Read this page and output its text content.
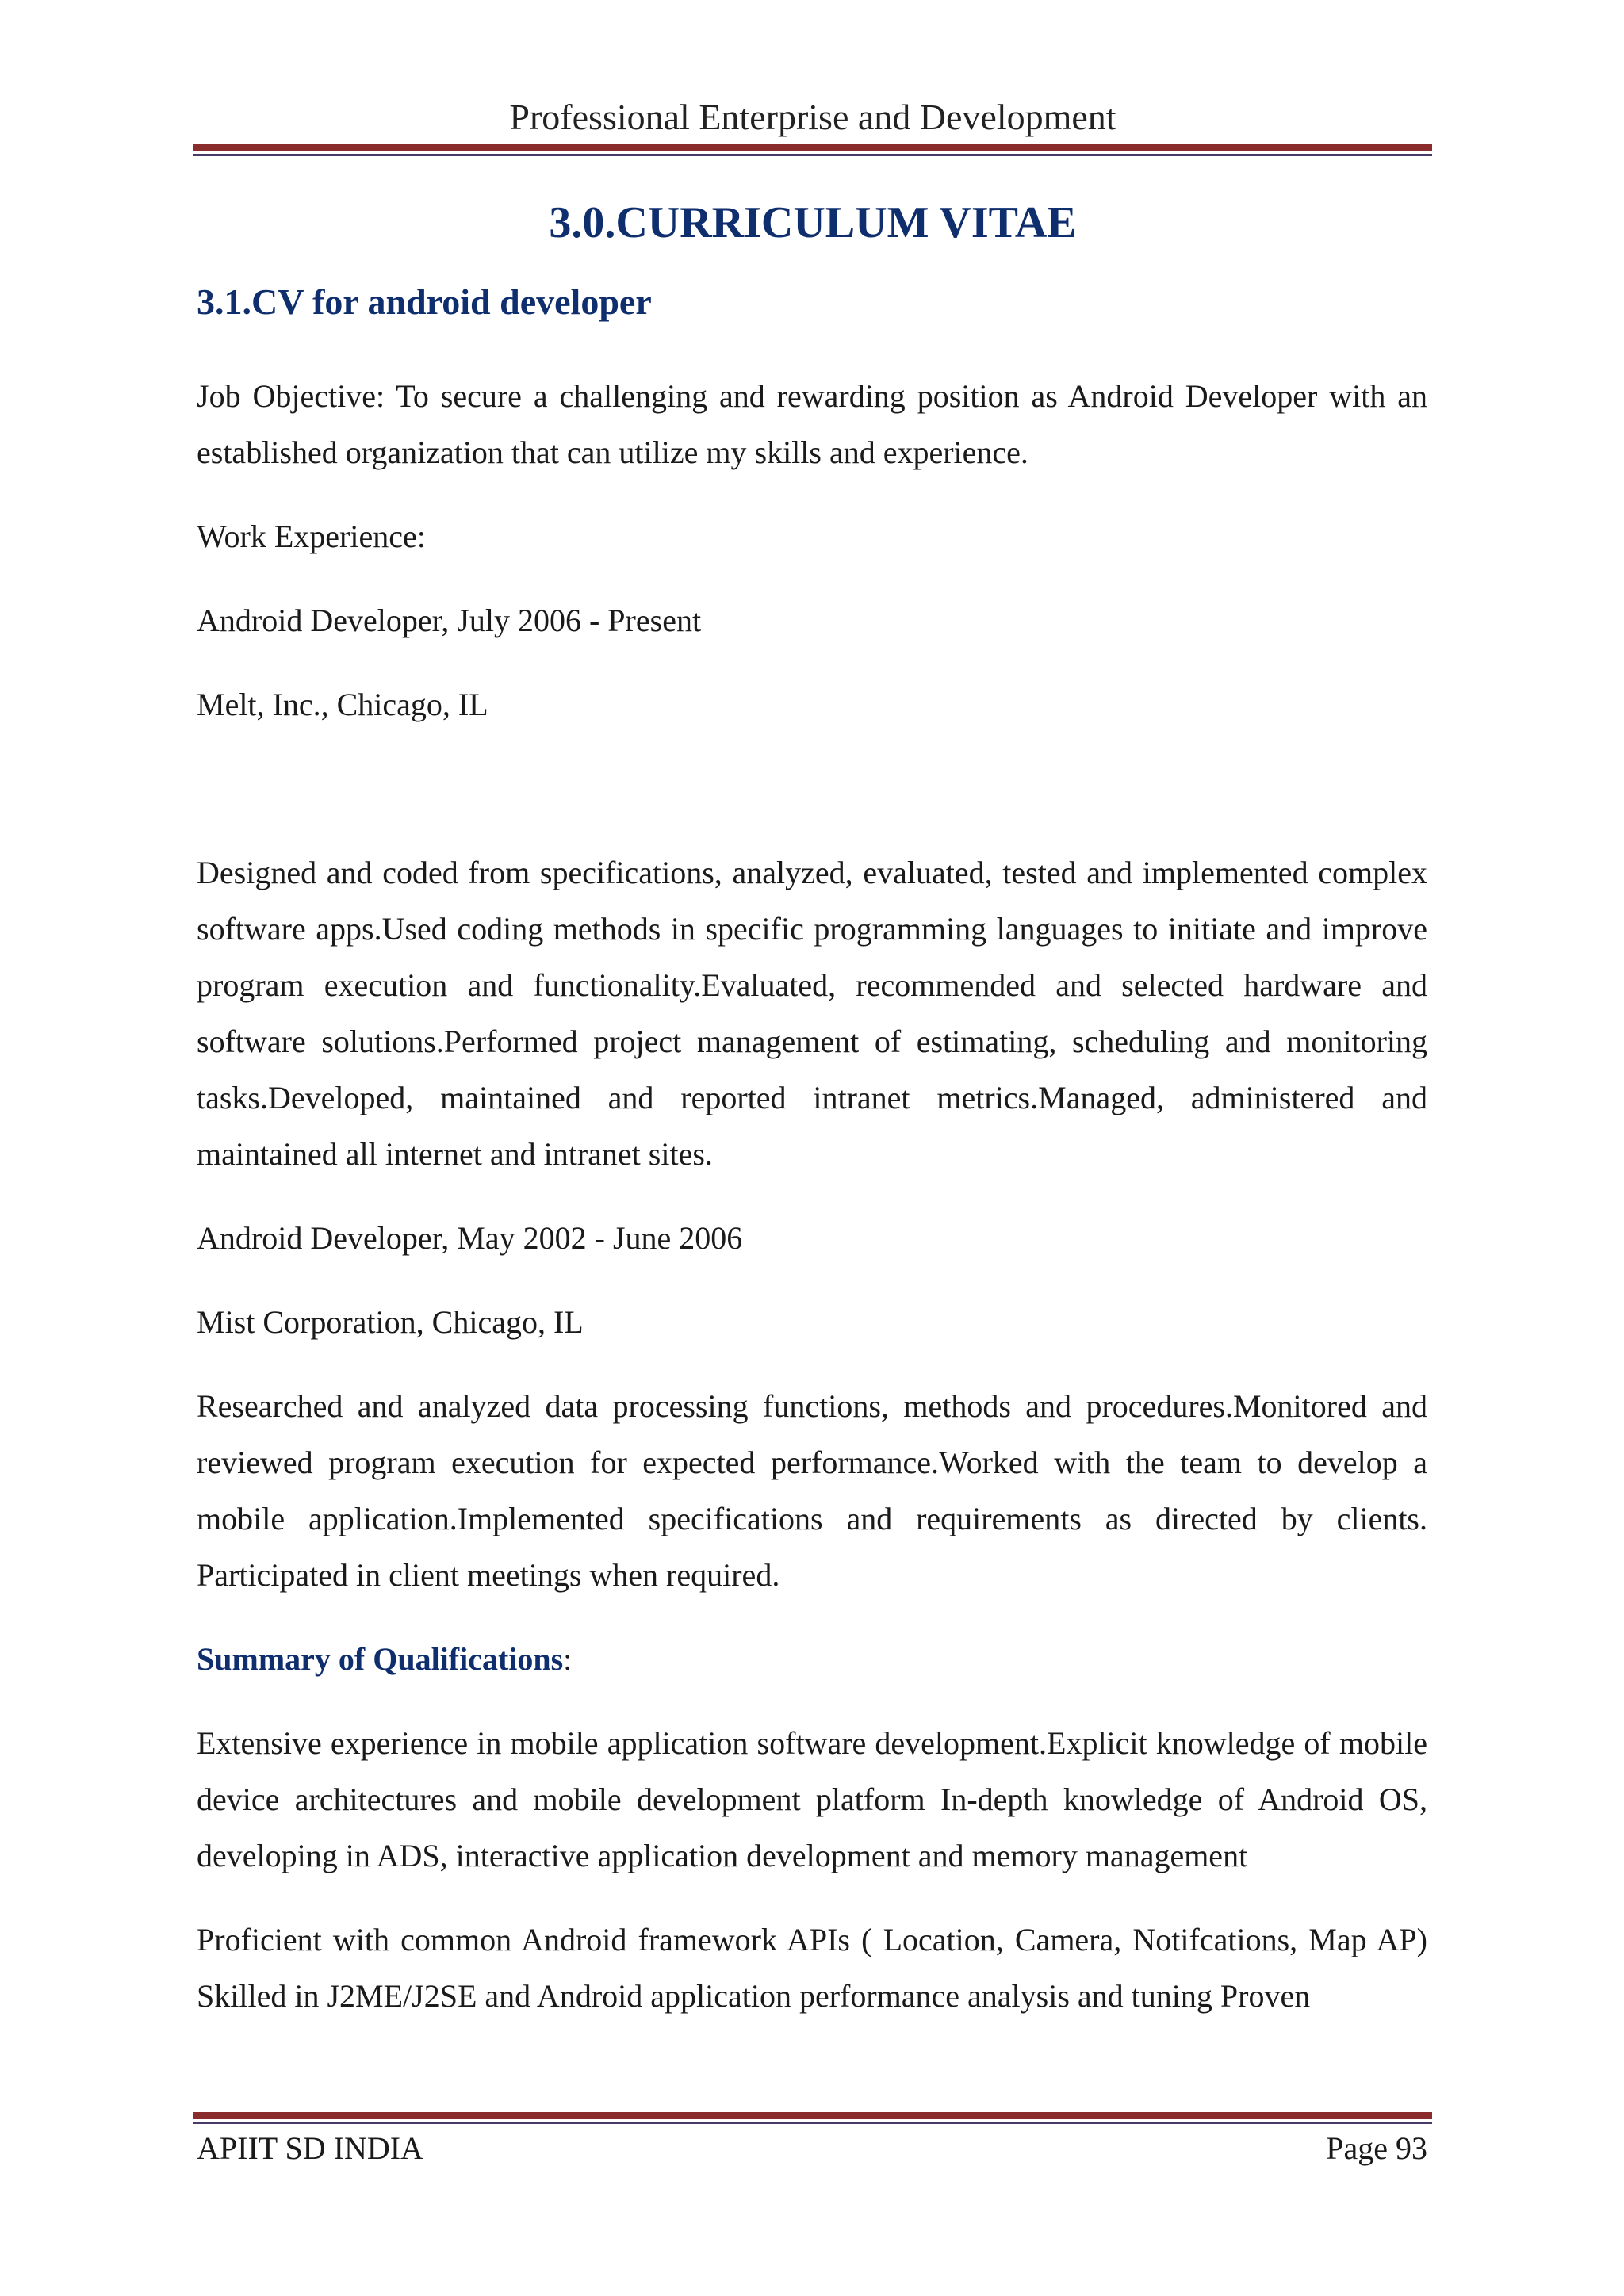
Professional Enterprise and Development
3.0.CURRICULUM VITAE
3.1.CV for android developer

Job Objective: To secure a challenging and rewarding position as Android Developer with an established organization that can utilize my skills and experience.

Work Experience:

Android Developer, July 2006 - Present

Melt, Inc., Chicago, IL

Designed and coded from specifications, analyzed, evaluated, tested and implemented complex software apps.Used coding methods in specific programming languages to initiate and improve program execution and functionality.Evaluated, recommended and selected hardware and software solutions.Performed project management of estimating, scheduling and monitoring tasks.Developed, maintained and reported intranet metrics.Managed, administered and maintained all internet and intranet sites.

Android Developer, May 2002 - June 2006

Mist Corporation, Chicago, IL

Researched and analyzed data processing functions, methods and procedures.Monitored and reviewed program execution for expected performance.Worked with the team to develop a mobile application.Implemented specifications and requirements as directed by clients. Participated in client meetings when required.

Summary of Qualifications:

Extensive experience in mobile application software development.Explicit knowledge of mobile device architectures and mobile development platform In-depth knowledge of Android OS, developing in ADS, interactive application development and memory management

Proficient with common Android framework APIs ( Location, Camera, Notifcations, Map AP) Skilled in J2ME/J2SE and Android application performance analysis and tuning Proven

APIIT SD INDIA	Page 93
